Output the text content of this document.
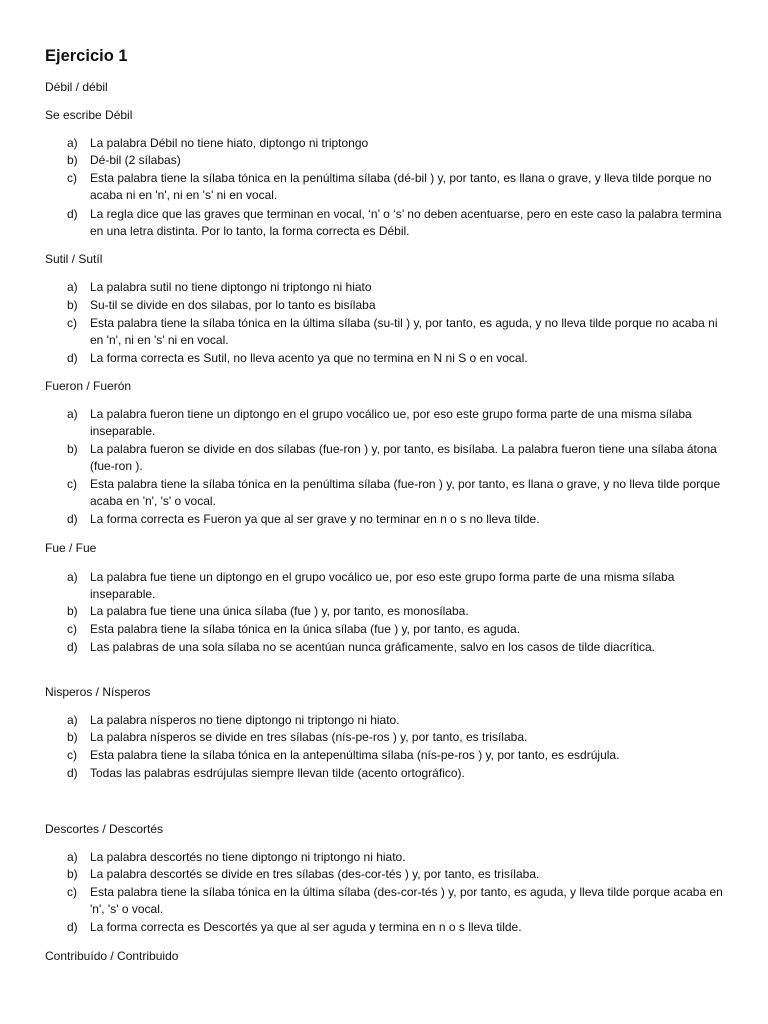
Ejercicio 1
Débil / débil
Se escribe Débil
a)	La palabra Débil no tiene hiato, diptongo ni triptongo
b)	Dé-bil (2 sílabas)
c)	Esta palabra tiene la sílaba tónica en la penúltima sílaba (dé-bil ) y, por tanto, es llana o grave, y lleva tilde porque no acaba ni en 'n', ni en 's' ni en vocal.
d)	La regla dice que las graves que terminan en vocal, ‘n’ o ‘s’ no deben acentuarse, pero en este caso la palabra termina en una letra distinta. Por lo tanto, la forma correcta es Débil.
Sutil / Sutíl
a)	La palabra sutil no tiene diptongo ni triptongo ni hiato
b)	Su-til se divide en dos silabas, por lo tanto es bisílaba
c)	Esta palabra tiene la sílaba tónica en la última sílaba (su-til ) y, por tanto, es aguda, y no lleva tilde porque no acaba ni en 'n', ni en 's' ni en vocal.
d)	La forma correcta es Sutil, no lleva acento ya que no termina en N ni S o en vocal.
Fueron / Fuerón
a)	La palabra fueron tiene un diptongo en el grupo vocálico ue, por eso este grupo forma parte de una misma sílaba inseparable.
b)	La palabra fueron se divide en dos sílabas (fue-ron ) y, por tanto, es bisílaba. La palabra fueron tiene una sílaba átona (fue-ron ).
c)	Esta palabra tiene la sílaba tónica en la penúltima sílaba (fue-ron ) y, por tanto, es llana o grave, y no lleva tilde porque acaba en 'n', 's' o vocal.
d)	La forma correcta es Fueron ya que al ser grave y no terminar en n o s no lleva tilde.
Fue / Fue
a)	La palabra fue tiene un diptongo en el grupo vocálico ue, por eso este grupo forma parte de una misma sílaba inseparable.
b)	La palabra fue tiene una única sílaba (fue ) y, por tanto, es monosílaba.
c)	Esta palabra tiene la sílaba tónica en la única sílaba (fue ) y, por tanto, es aguda.
d)	Las palabras de una sola sílaba no se acentúan nunca gráficamente, salvo en los casos de tilde diacrítica.
Nisperos / Nísperos
a)	La palabra nísperos no tiene diptongo ni triptongo ni hiato.
b)	La palabra nísperos se divide en tres sílabas (nís-pe-ros ) y, por tanto, es trisílaba.
c)	Esta palabra tiene la sílaba tónica en la antepenúltima sílaba (nís-pe-ros ) y, por tanto, es esdrújula.
d)	Todas las palabras esdrújulas siempre llevan tilde (acento ortográfico).
Descortes / Descortés
a)	La palabra descortés no tiene diptongo ni triptongo ni hiato.
b)	La palabra descortés se divide en tres sílabas (des-cor-tés ) y, por tanto, es trisílaba.
c)	Esta palabra tiene la sílaba tónica en la última sílaba (des-cor-tés ) y, por tanto, es aguda, y lleva tilde porque acaba en 'n', 's' o vocal.
d)	La forma correcta es Descortés ya que al ser aguda y termina en n o s lleva tilde.
Contribuído / Contribuido
